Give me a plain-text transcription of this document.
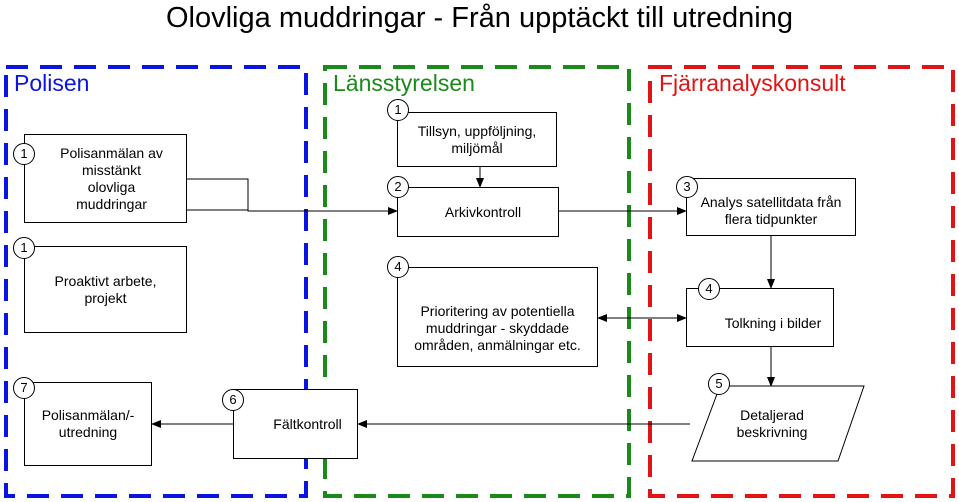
Olovliga muddringar - Från upptäckt till utredning
Polisen	Länsstyrelsen	Fjärranalyskonsult
Polisanmälan av misstänkt olovliga muddringar
1
Proaktivt arbete, projekt
1
Polisanmälan/- utredning
7
Fältkontroll
6
Tillsyn, uppföljning, miljömål
1
Arkivkontroll
2
Prioritering av potentiella muddringar - skyddade områden, anmälningar etc.
4
Analys satellitdata från flera tidpunkter
3
Tolkning i bilder
4
Detaljerad beskrivning
5
